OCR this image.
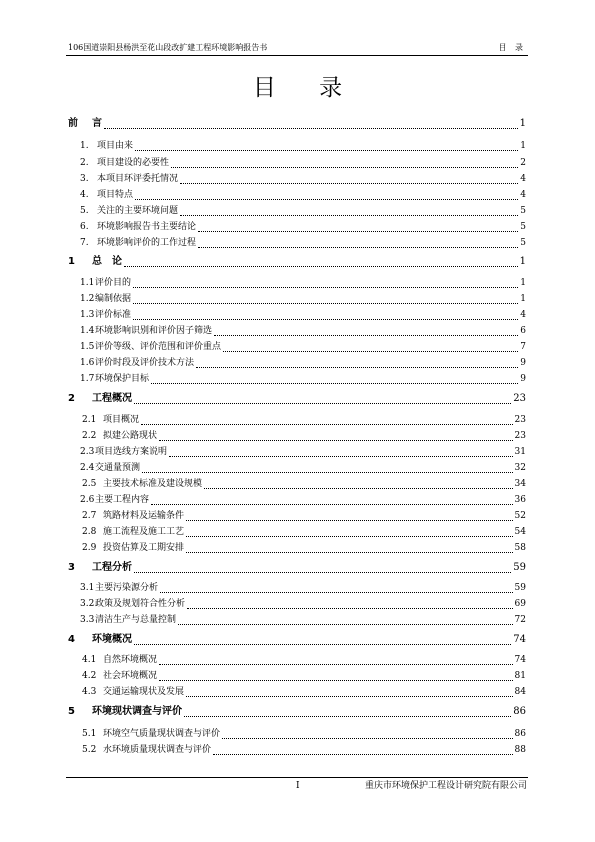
106国道崇阳县杨洪至花山段改扩建工程环境影响报告书	目 录
目 录
前 言	1
1. 项目由来	1
2. 项目建设的必要性	2
3. 本项目环评委托情况	4
4. 项目特点	4
5. 关注的主要环境问题	5
6. 环境影响报告书主要结论	5
7. 环境影响评价的工作过程	5
1 总　论	1
1.1 评价目的	1
1.2 编制依据	1
1.3 评价标准	4
1.4 环境影响识别和评价因子筛选	6
1.5 评价等级、评价范围和评价重点	7
1.6 评价时段及评价技术方法	9
1.7 环境保护目标	9
2 工程概况	23
2.1 项目概况	23
2.2 拟建公路现状	23
2.3 项目选线方案说明	31
2.4 交通量预测	32
2.5 主要技术标准及建设规模	34
2.6 主要工程内容	36
2.7 筑路材料及运输条件	52
2.8 施工流程及施工工艺	54
2.9 投资估算及工期安排	58
3 工程分析	59
3.1 主要污染源分析	59
3.2 政策及规划符合性分析	69
3.3 清洁生产与总量控制	72
4 环境概况	74
4.1 自然环境概况	74
4.2 社会环境概况	81
4.3 交通运输现状及发展	84
5 环境现状调查与评价	86
5.1 环境空气质量现状调查与评价	86
5.2 水环境质量现状调查与评价	88
I	重庆市环境保护工程设计研究院有限公司
